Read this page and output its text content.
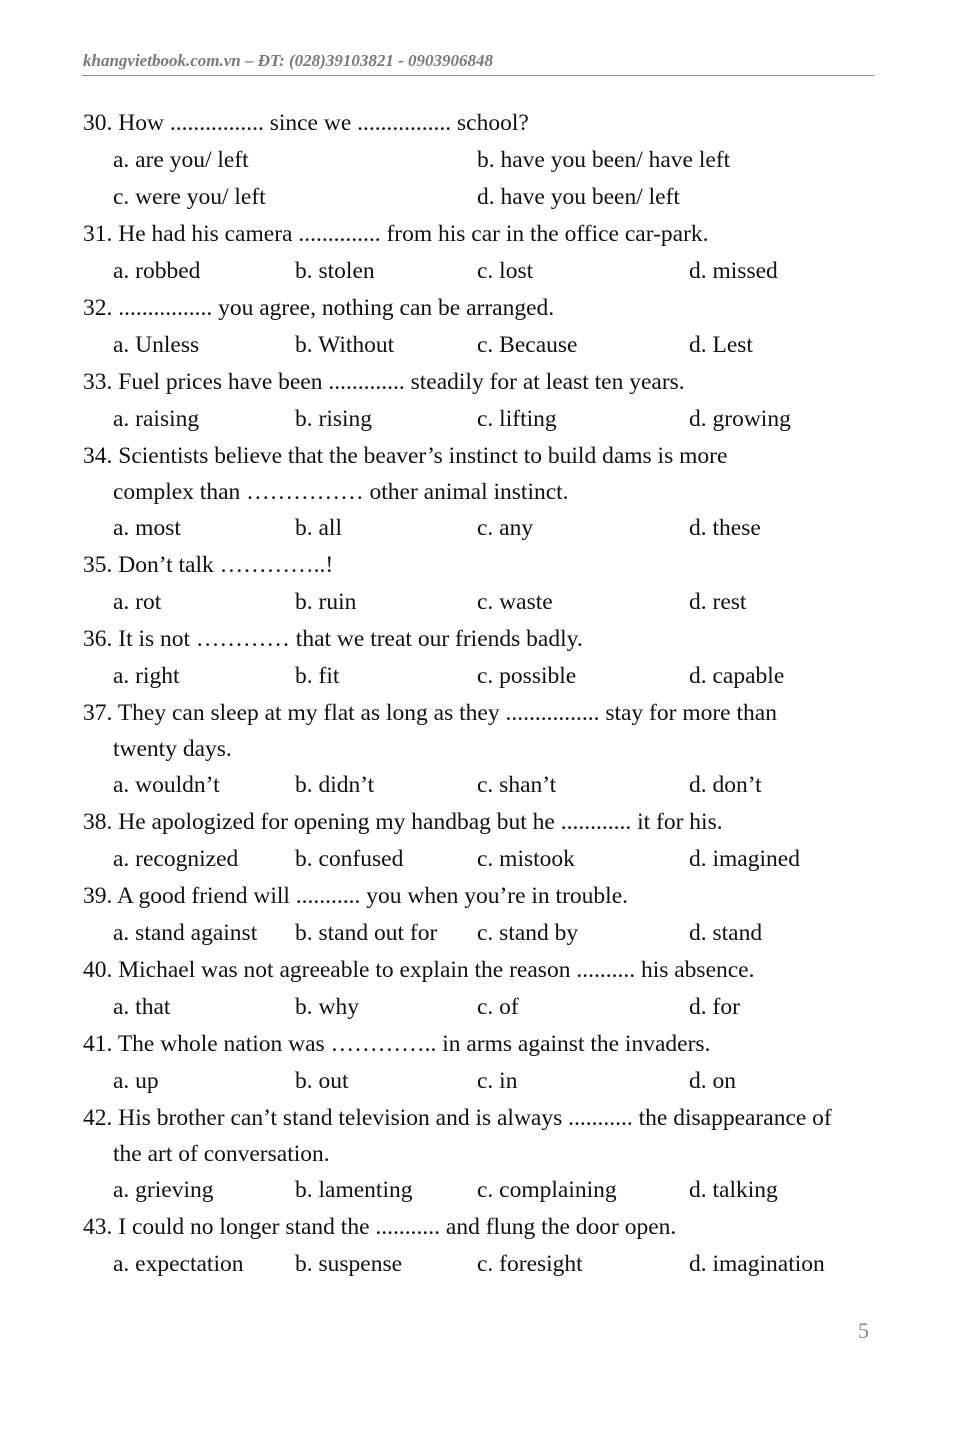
khangvietbook.com.vn – ĐT: (028)39103821 - 0903906848
30. How ................ since we ................ school?
a. are you/ left	b. have you been/ have left
c. were you/ left	d. have you been/ left
31. He had his camera .............. from his car in the office car-park.
a. robbed	b. stolen	c. lost	d. missed
32. ................ you agree, nothing can be arranged.
a. Unless	b. Without	c. Because	d. Lest
33. Fuel prices have been ............. steadily for at least ten years.
a. raising	b. rising	c. lifting	d. growing
34. Scientists believe that the beaver’s instinct to build dams is more
complex than …………… other animal instinct.
a. most	b. all	c. any	d. these
35. Don’t talk …………..!
a. rot	b. ruin	c. waste	d. rest
36. It is not ………… that we treat our friends badly.
a. right	b. fit	c. possible	d. capable
37. They can sleep at my flat as long as they ................ stay for more than
twenty days.
a. wouldn’t	b. didn’t	c. shan’t	d. don’t
38. He apologized for opening my handbag but he ............ it for his.
a. recognized b. confused	c. mistook	d. imagined
39. A good friend will ........... you when you’re in trouble.
a. stand against b. stand out for c. stand by	d. stand
40. Michael was not agreeable to explain the reason .......... his absence.
a. that	b. why	c. of	d. for
41. The whole nation was ………….. in arms against the invaders.
a. up	b. out	c. in	d. on
42. His brother can’t stand television and is always ........... the disappearance of
the art of conversation.
a. grieving	b. lamenting	c. complaining	d. talking
43. I could no longer stand the ........... and flung the door open.
a. expectation b. suspense	c. foresight	d. imagination
5
